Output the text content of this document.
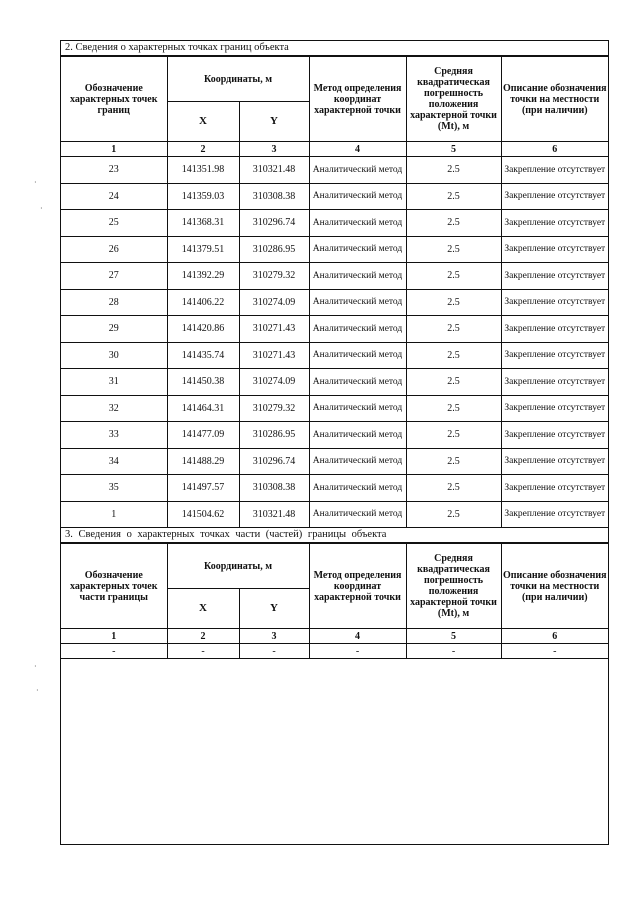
2. Сведения о характерных точках границ объекта
Обозначение характерных точек границ	Координаты, м		Метод определения координат характерной точки	Средняя квадратическая погрешность положения характерной точки (Mt), м	Описание обозначения точки на местности (при наличии)
	X	Y			
1	2	3	4	5	6
23	141351.98	310321.48	Аналитический метод	2.5	Закрепление отсутствует
24	141359.03	310308.38	Аналитический метод	2.5	Закрепление отсутствует
25	141368.31	310296.74	Аналитический метод	2.5	Закрепление отсутствует
26	141379.51	310286.95	Аналитический метод	2.5	Закрепление отсутствует
27	141392.29	310279.32	Аналитический метод	2.5	Закрепление отсутствует
28	141406.22	310274.09	Аналитический метод	2.5	Закрепление отсутствует
29	141420.86	310271.43	Аналитический метод	2.5	Закрепление отсутствует
30	141435.74	310271.43	Аналитический метод	2.5	Закрепление отсутствует
31	141450.38	310274.09	Аналитический метод	2.5	Закрепление отсутствует
32	141464.31	310279.32	Аналитический метод	2.5	Закрепление отсутствует
33	141477.09	310286.95	Аналитический метод	2.5	Закрепление отсутствует
34	141488.29	310296.74	Аналитический метод	2.5	Закрепление отсутствует
35	141497.57	310308.38	Аналитический метод	2.5	Закрепление отсутствует
1	141504.62	310321.48	Аналитический метод	2.5	Закрепление отсутствует
3. Сведения о характерных точках части (частей) границы объекта
Обозначение характерных точек части границы	Координаты, м		Метод определения координат характерной точки	Средняя квадратическая погрешность положения характерной точки (Mt), м	Описание обозначения точки на местности (при наличии)
	X	Y			
1	2	3	4	5	6
-	-	-	-	-	-
·
·
·
·
